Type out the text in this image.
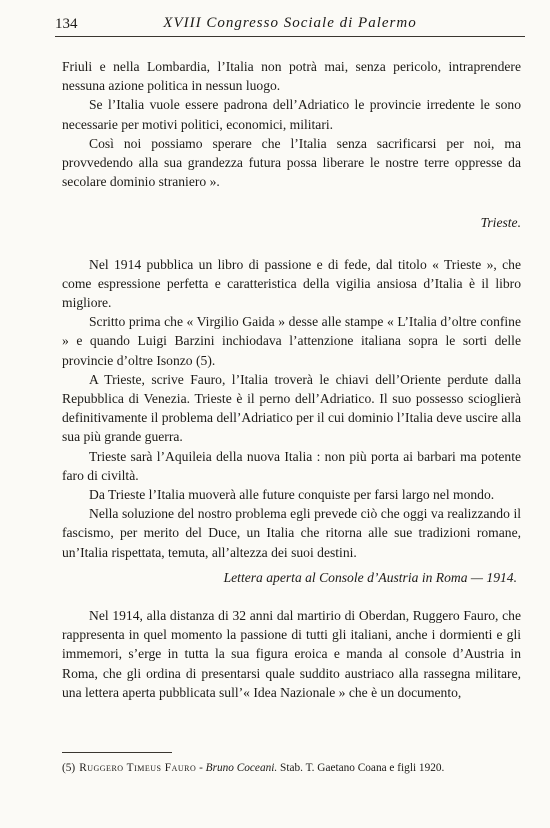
134	XVIII Congresso Sociale di Palermo

Friuli e nella Lombardia, l’Italia non potrà mai, senza pericolo, intraprendere nessuna azione politica in nessun luogo.

Se l’Italia vuole essere padrona dell’Adriatico le provincie irredente le sono necessarie per motivi politici, economici, militari.

Così noi possiamo sperare che l’Italia senza sacrificarsi per noi, ma provvedendo alla sua grandezza futura possa liberare le nostre terre oppresse da secolare dominio straniero ».

Trieste.

Nel 1914 pubblica un libro di passione e di fede, dal titolo « Trieste », che come espressione perfetta e caratteristica della vigilia ansiosa d’Italia è il libro migliore.

Scritto prima che « Virgilio Gaida » desse alle stampe « L’Italia d’oltre confine » e quando Luigi Barzini inchiodava l’attenzione italiana sopra le sorti delle provincie d’oltre Isonzo (5).

A Trieste, scrive Fauro, l’Italia troverà le chiavi dell’Oriente perdute dalla Repubblica di Venezia. Trieste è il perno dell’Adriatico. Il suo possesso scioglierà definitivamente il problema dell’Adriatico per il cui dominio l’Italia deve uscire alla sua più grande guerra.

Trieste sarà l’Aquileia della nuova Italia : non più porta ai barbari ma potente faro di civiltà.

Da Trieste l’Italia muoverà alle future conquiste per farsi largo nel mondo.

Nella soluzione del nostro problema egli prevede ciò che oggi va realizzando il fascismo, per merito del Duce, un Italia che ritorna alle sue tradizioni romane, un’Italia rispettata, temuta, all’altezza dei suoi destini.

Lettera aperta al Console d’Austria in Roma — 1914.

Nel 1914, alla distanza di 32 anni dal martirio di Oberdan, Ruggero Fauro, che rappresenta in quel momento la passione di tutti gli italiani, anche i dormienti e gli immemori, s’erge in tutta la sua figura eroica e manda al console d’Austria in Roma, che gli ordina di presentarsi quale suddito austriaco alla rassegna militare, una lettera aperta pubblicata sull’« Idea Nazionale » che è un documento,

(5) Ruggero Timeus Fauro - Bruno Coceani. Stab. T. Gaetano Coana e figli 1920.
